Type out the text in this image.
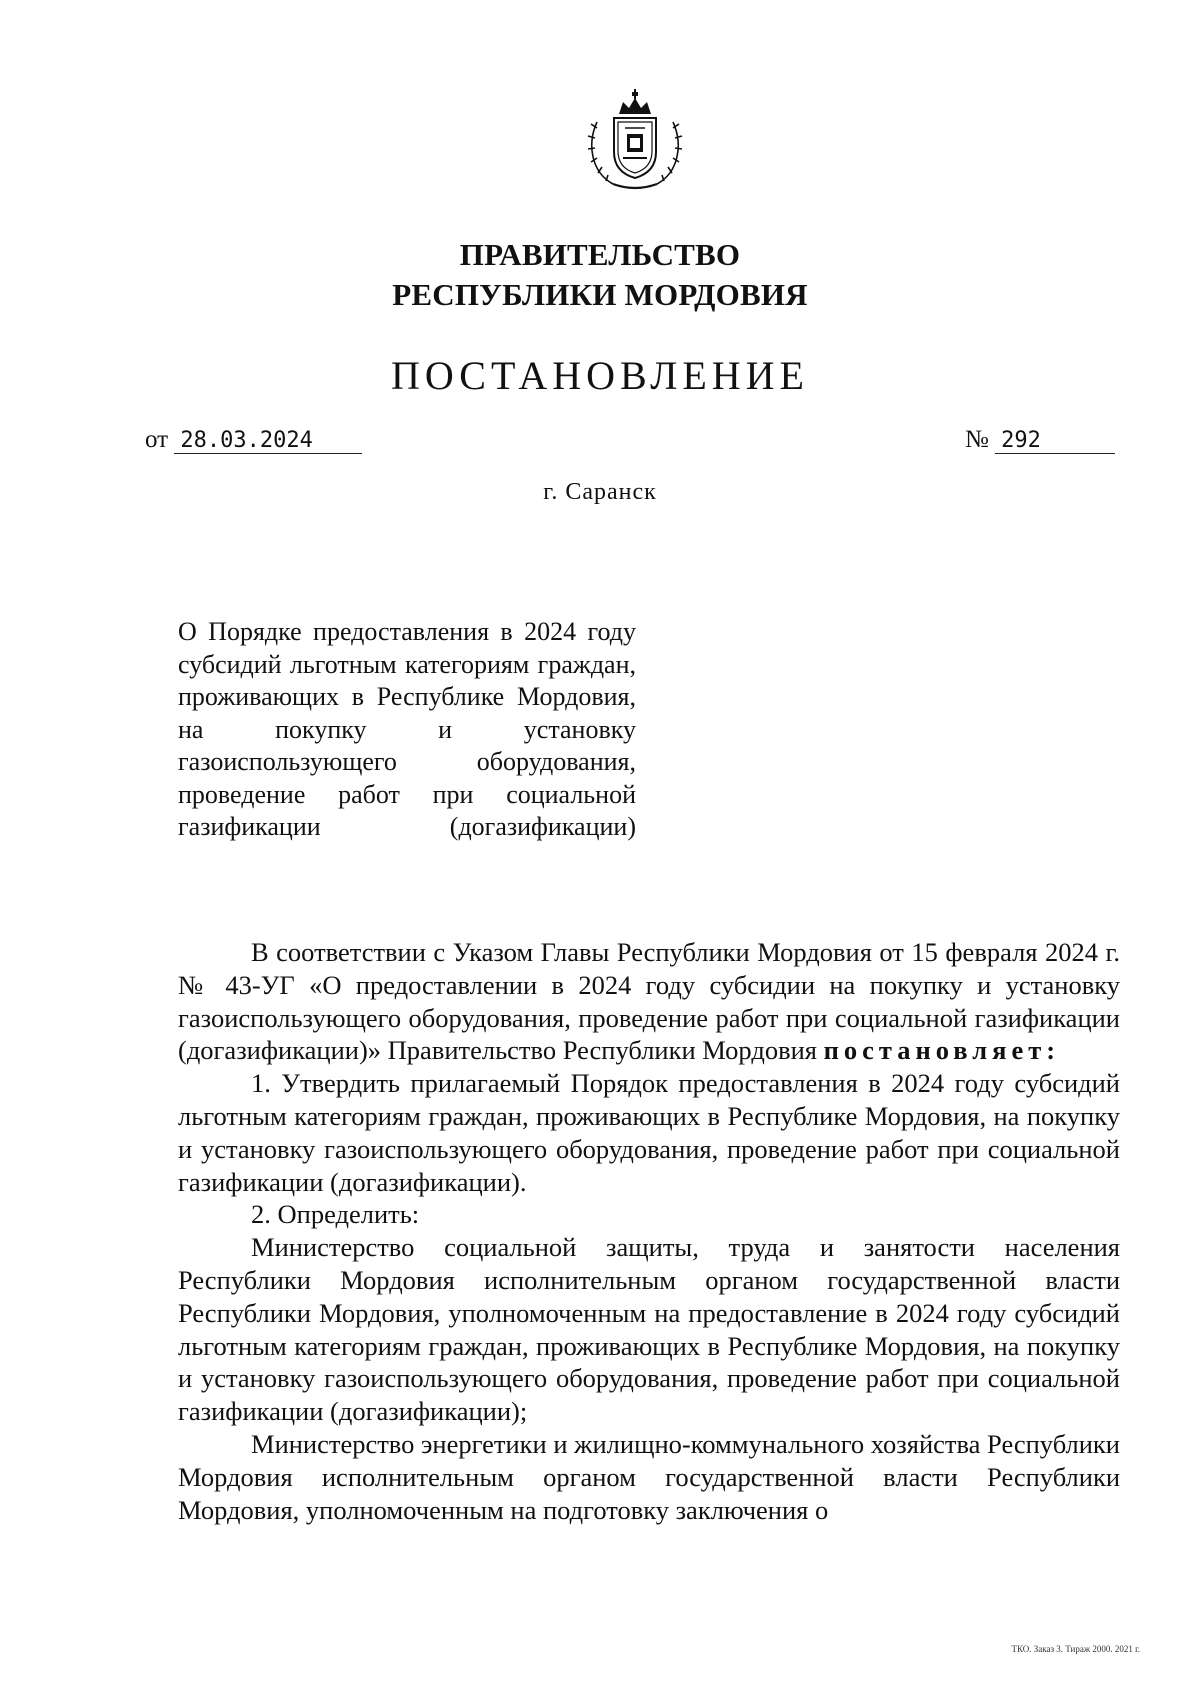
ПРАВИТЕЛЬСТВО
РЕСПУБЛИКИ МОРДОВИЯ
ПОСТАНОВЛЕНИЕ
от 28.03.2024	№ 292
г. Саранск
О Порядке предоставления в 2024 году субсидий льготным категориям граждан, проживающих в Республике Мордовия, на покупку и установку газоиспользующего оборудования, проведение работ при социальной газификации (догазификации)

В соответствии с Указом Главы Республики Мордовия от 15 февраля 2024 г. № 43-УГ «О предоставлении в 2024 году субсидии на покупку и установку газоиспользующего оборудования, проведение работ при социальной газификации (догазификации)» Правительство Республики Мордовия постановляет:

1. Утвердить прилагаемый Порядок предоставления в 2024 году субсидий льготным категориям граждан, проживающих в Республике Мордовия, на покупку и установку газоиспользующего оборудования, проведение работ при социальной газификации (догазификации).

2. Определить:

Министерство социальной защиты, труда и занятости населения Республики Мордовия исполнительным органом государственной власти Республики Мордовия, уполномоченным на предоставление в 2024 году субсидий льготным категориям граждан, проживающих в Республике Мордовия, на покупку и установку газоиспользующего оборудования, проведение работ при социальной газификации (догазификации);

Министерство энергетики и жилищно-коммунального хозяйства Республики Мордовия исполнительным органом государственной власти Республики Мордовия, уполномоченным на подготовку заключения о

ТКО. Заказ 3. Тираж 2000. 2021 г.
